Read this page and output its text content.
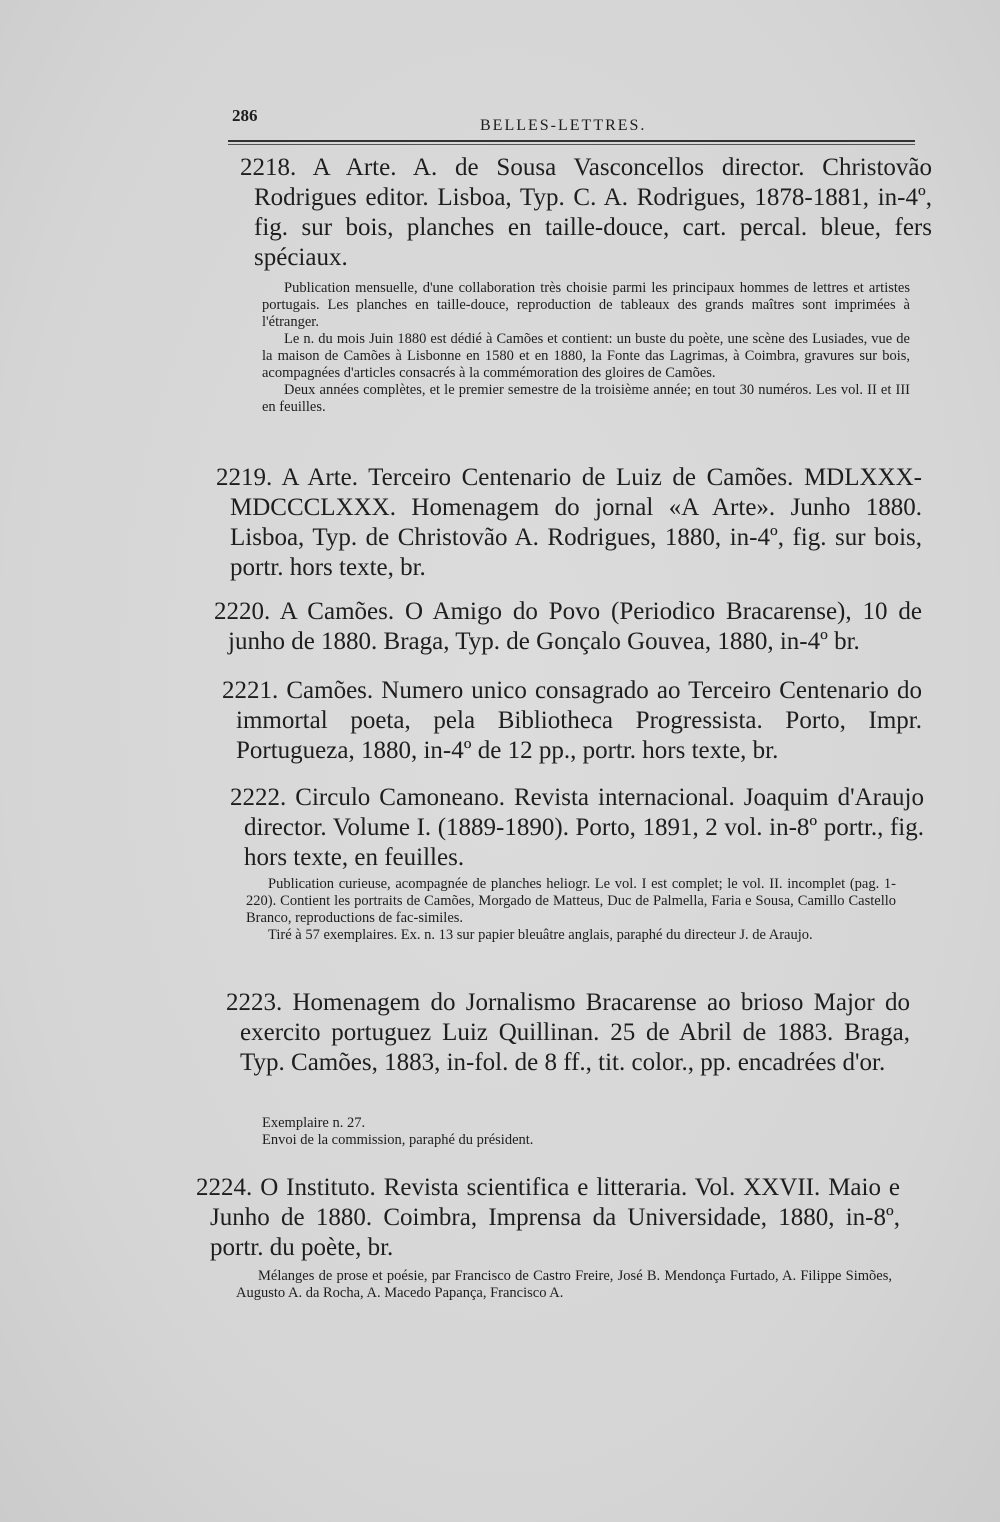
286
BELLES-LETTRES.
2218. A Arte. A. de Sousa Vasconcellos director. Christovão Rodrigues editor. Lisboa, Typ. C. A. Rodrigues, 1878-1881, in-4º, fig. sur bois, planches en taille-douce, cart. percal. bleue, fers spéciaux.

Publication mensuelle, d'une collaboration très choisie parmi les principaux hommes de lettres et artistes portugais. Les planches en taille-douce, reproduction de tableaux des grands maîtres sont imprimées à l'étranger.

Le n. du mois Juin 1880 est dédié à Camões et contient: un buste du poète, une scène des Lusiades, vue de la maison de Camões à Lisbonne en 1580 et en 1880, la Fonte das Lagrimas, à Coimbra, gravures sur bois, acompagnées d'articles consacrés à la commémoration des gloires de Camões.

Deux années complètes, et le premier semestre de la troisième année; en tout 30 numéros. Les vol. II et III en feuilles.

2219. A Arte. Terceiro Centenario de Luiz de Camões. MDLXXX-MDCCCLXXX. Homenagem do jornal «A Arte». Junho 1880. Lisboa, Typ. de Christovão A. Rodrigues, 1880, in-4º, fig. sur bois, portr. hors texte, br.
2220. A Camões. O Amigo do Povo (Periodico Bracarense), 10 de junho de 1880. Braga, Typ. de Gonçalo Gouvea, 1880, in-4º br.
2221. Camões. Numero unico consagrado ao Terceiro Centenario do immortal poeta, pela Bibliotheca Progressista. Porto, Impr. Portugueza, 1880, in-4º de 12 pp., portr. hors texte, br.
2222. Circulo Camoneano. Revista internacional. Joaquim d'Araujo director. Volume I. (1889-1890). Porto, 1891, 2 vol. in-8º portr., fig. hors texte, en feuilles.

Publication curieuse, acompagnée de planches heliogr. Le vol. I est complet; le vol. II. incomplet (pag. 1-220). Contient les portraits de Camões, Morgado de Matteus, Duc de Palmella, Faria e Sousa, Camillo Castello Branco, reproductions de fac-similes.

Tiré à 57 exemplaires. Ex. n. 13 sur papier bleuâtre anglais, paraphé du directeur J. de Araujo.

2223. Homenagem do Jornalismo Bracarense ao brioso Major do exercito portuguez Luiz Quillinan. 25 de Abril de 1883. Braga, Typ. Camões, 1883, in-fol. de 8 ff., tit. color., pp. encadrées d'or.

Exemplaire n. 27.

Envoi de la commission, paraphé du président.

2224. O Instituto. Revista scientifica e litteraria. Vol. XXVII. Maio e Junho de 1880. Coimbra, Imprensa da Universidade, 1880, in-8º, portr. du poète, br.

Mélanges de prose et poésie, par Francisco de Castro Freire, José B. Mendonça Furtado, A. Filippe Simões, Augusto A. da Rocha, A. Macedo Papança, Francisco A.
